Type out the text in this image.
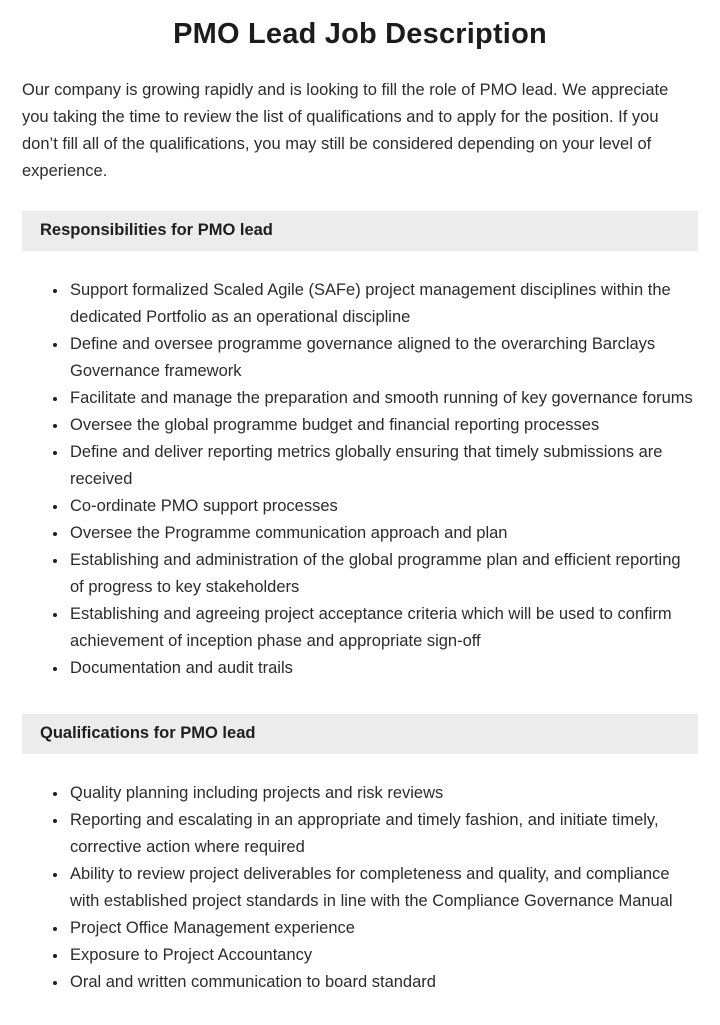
PMO Lead Job Description

Our company is growing rapidly and is looking to fill the role of PMO lead. We appreciate you taking the time to review the list of qualifications and to apply for the position. If you don’t fill all of the qualifications, you may still be considered depending on your level of experience.

Responsibilities for PMO lead
• Support formalized Scaled Agile (SAFe) project management disciplines within the dedicated Portfolio as an operational discipline
• Define and oversee programme governance aligned to the overarching Barclays Governance framework
• Facilitate and manage the preparation and smooth running of key governance forums
• Oversee the global programme budget and financial reporting processes
• Define and deliver reporting metrics globally ensuring that timely submissions are received
• Co-ordinate PMO support processes
• Oversee the Programme communication approach and plan
• Establishing and administration of the global programme plan and efficient reporting of progress to key stakeholders
• Establishing and agreeing project acceptance criteria which will be used to confirm achievement of inception phase and appropriate sign-off
• Documentation and audit trails
Qualifications for PMO lead
• Quality planning including projects and risk reviews
• Reporting and escalating in an appropriate and timely fashion, and initiate timely, corrective action where required
• Ability to review project deliverables for completeness and quality, and compliance with established project standards in line with the Compliance Governance Manual
• Project Office Management experience
• Exposure to Project Accountancy
• Oral and written communication to board standard
